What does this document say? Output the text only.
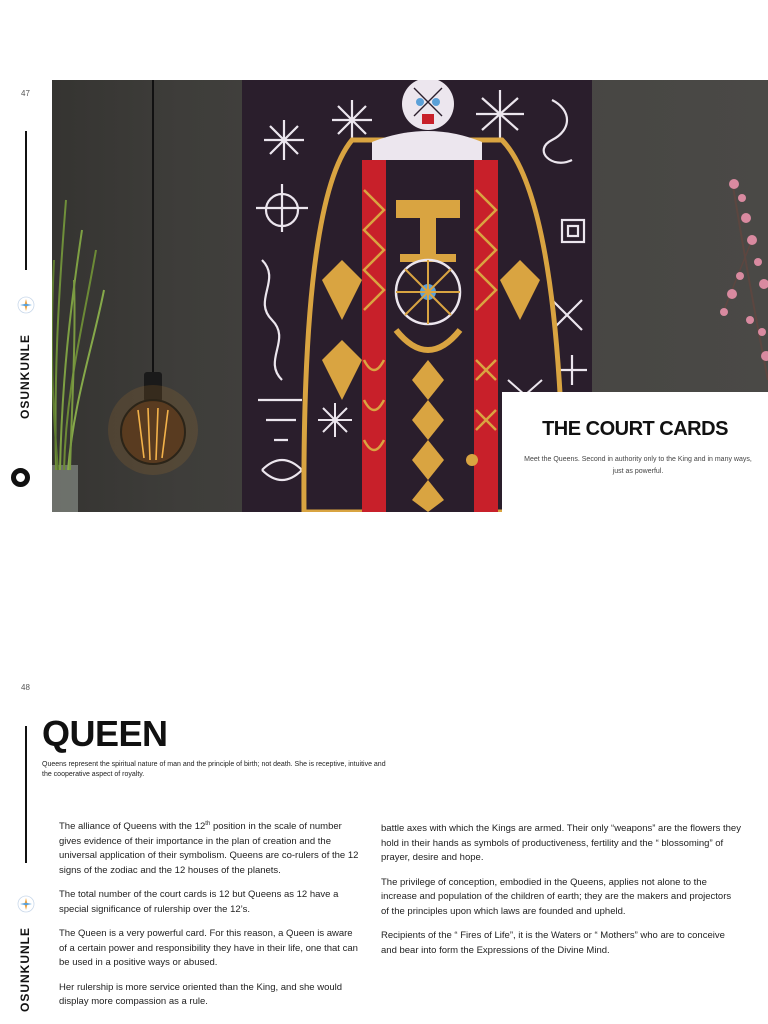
47
OSUNKUNLE
THE COURT CARDS
Meet the Queens. Second in authority only to the King and in many ways, just as powerful.
48
OSUNKUNLE
QUEEN
Queens represent the spiritual nature of man and the principle of birth; not death. She is receptive, intuitive and the cooperative aspect of royalty.

The alliance of Queens with the 12th position in the scale of number gives evidence of their importance in the plan of creation and the universal application of their symbolism. Queens are co-rulers of the 12 signs of the zodiac and the 12 houses of the planets.

The total number of the court cards is 12 but Queens as 12 have a special significance of rulership over the 12’s.

The Queen is a very powerful card. For this reason, a Queen is aware of a certain power and responsibility they have in their life, one that can be used in a positive ways or abused.

Her rulership is more service oriented than the King, and she would display more compassion as a rule.

battle axes with which the Kings are armed. Their only “weapons” are the flowers they hold in their hands as symbols of productiveness, fertility and the “ blossoming” of prayer, desire and hope.

The privilege of conception, embodied in the Queens, applies not alone to the increase and population of the children of earth; they are the makers and projectors of the principles upon which laws are founded and upheld.

Recipients of the “ Fires of Life”, it is the Waters or “ Mothers” who are to conceive and bear into form the Expressions of the Divine Mind.
